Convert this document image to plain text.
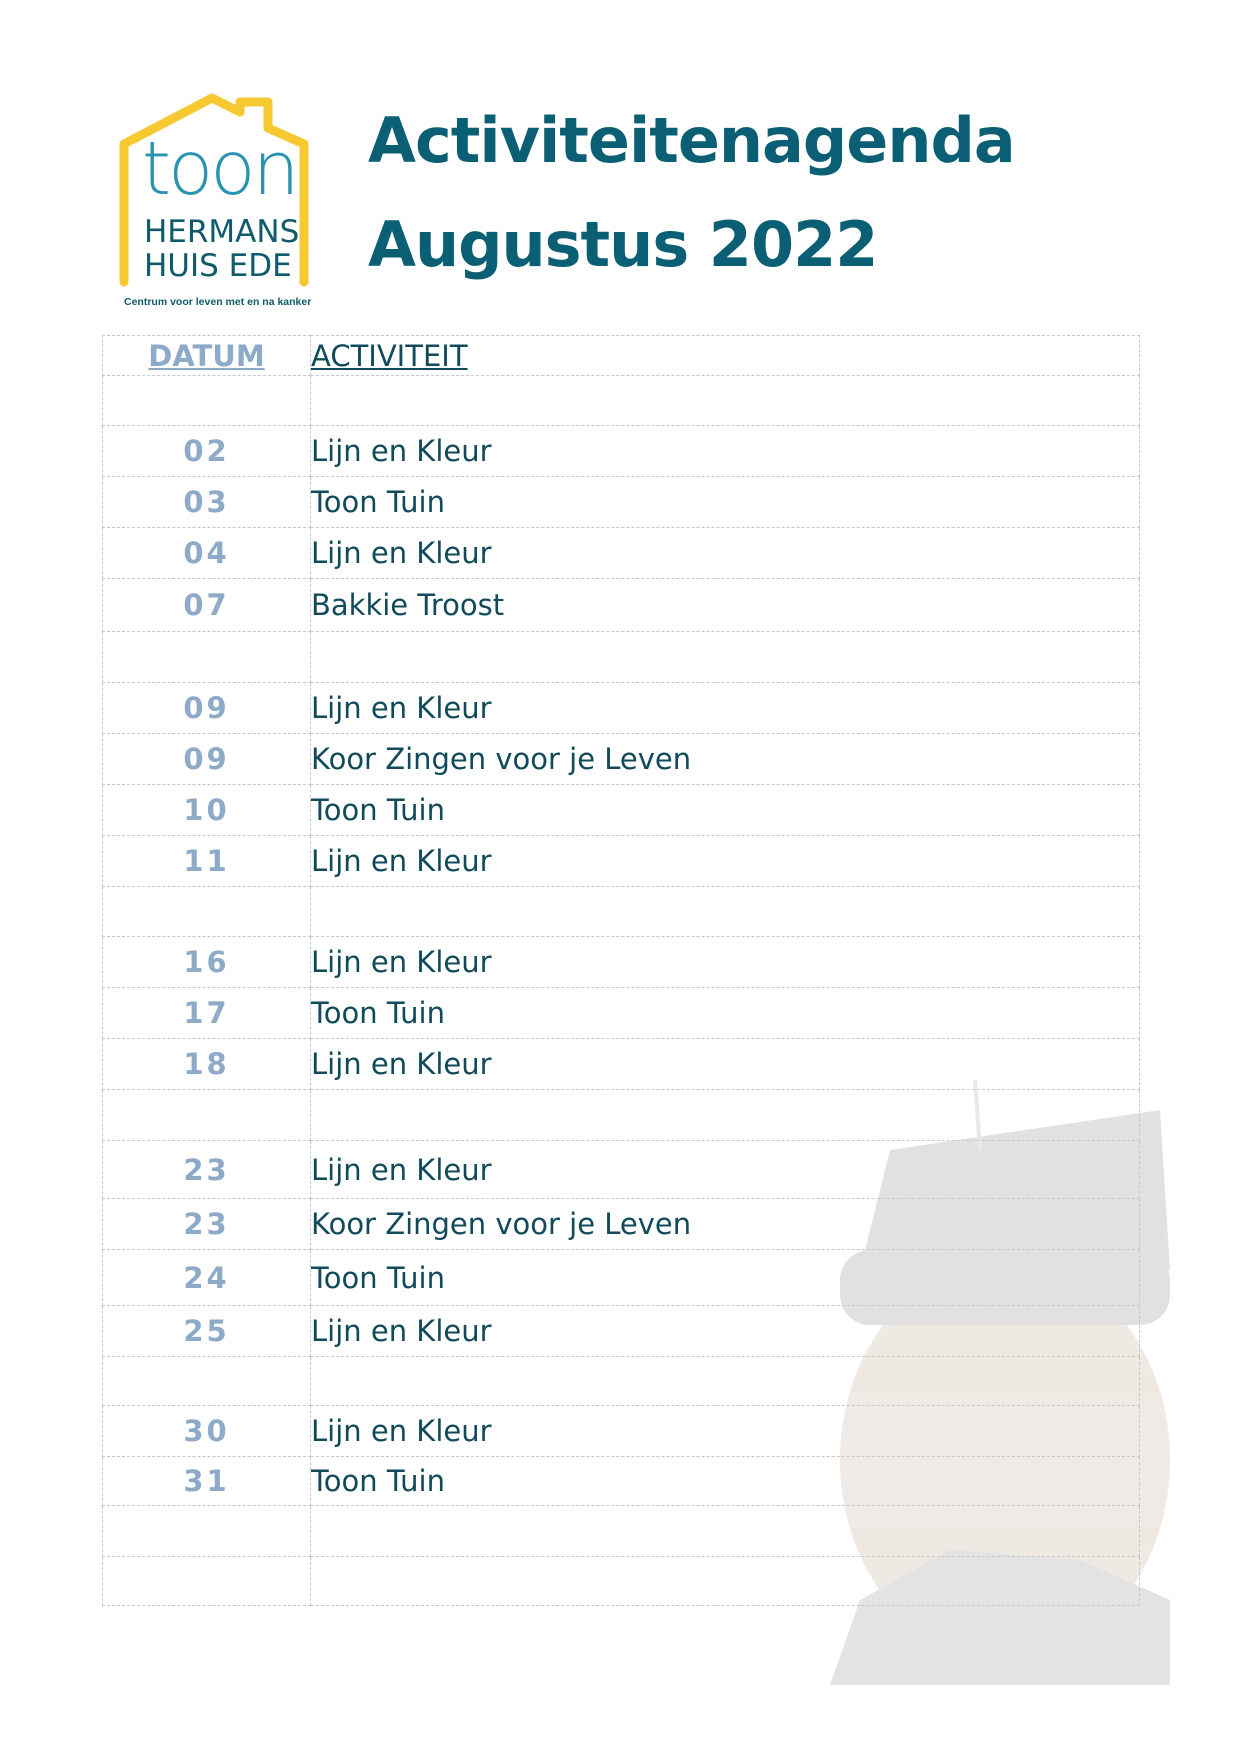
toon
HERMANS
HUIS EDE
Centrum voor leven met en na kanker
Activiteitenagenda
Augustus 2022
DATUM	ACTIVITEIT

02	Lijn en Kleur
03	Toon Tuin
04	Lijn en Kleur
07	Bakkie Troost

09	Lijn en Kleur
09	Koor Zingen voor je Leven
10	Toon Tuin
11	Lijn en Kleur

16	Lijn en Kleur
17	Toon Tuin
18	Lijn en Kleur

23	Lijn en Kleur
23	Koor Zingen voor je Leven
24	Toon Tuin
25	Lijn en Kleur

30	Lijn en Kleur
31	Toon Tuin
